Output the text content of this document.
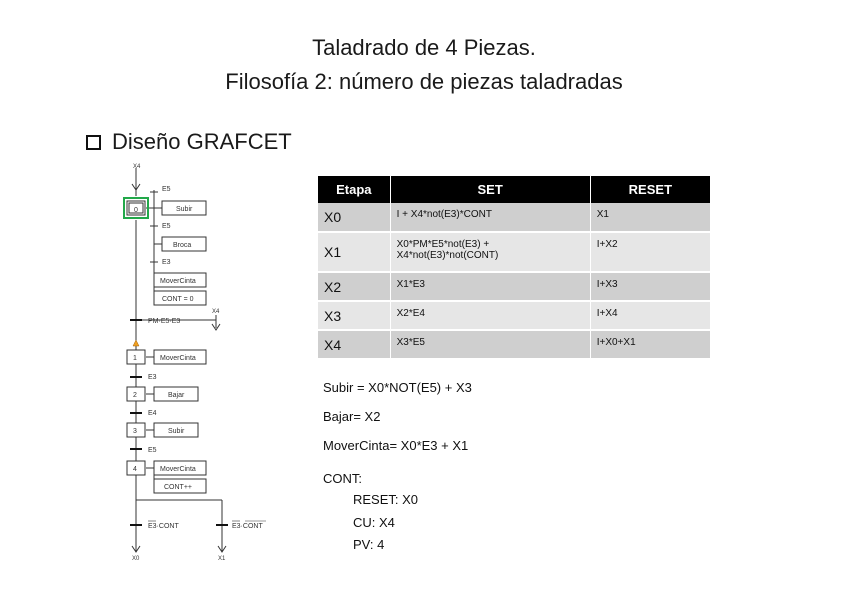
Taladrado de 4 Piezas.
Filosofía 2: número de piezas taladradas
Diseño GRAFCET
0
X4
E5
E5
E3
Subir
Broca
MoverCinta
CONT = 0
PM·E5·E3
X4
1	MoverCinta
E3
2	Bajar
E4
3	Subir
E5
4	MoverCinta
CONT++
E3·CONT	E3·CONT
X0	X1
Etapa	SET	RESET
X0	I + X4*not(E3)*CONT	X1
X1	X0*PM*E5*not(E3) +
X4*not(E3)*not(CONT)	I+X2
X2	X1*E3	I+X3
X3	X2*E4	I+X4
X4	X3*E5	I+X0+X1
Subir = X0*NOT(E5) + X3
Bajar= X2
MoverCinta= X0*E3 + X1
CONT:
RESET: X0
CU: X4
PV: 4
